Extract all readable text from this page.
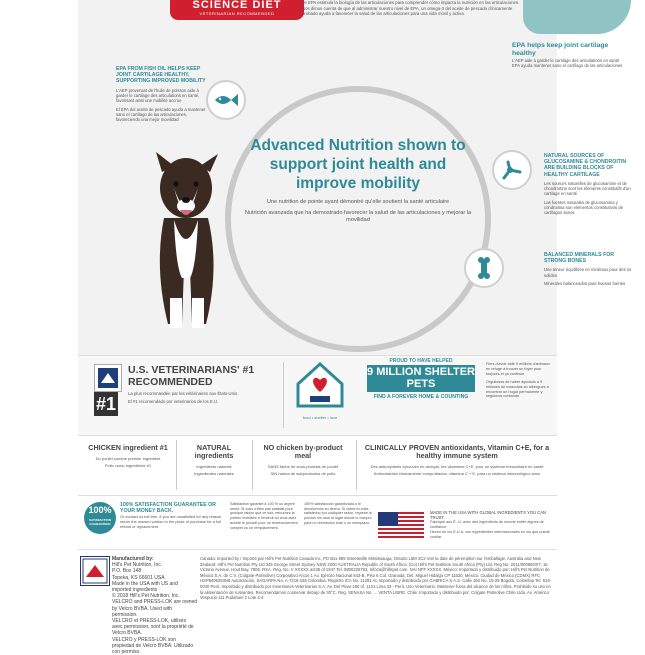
SCIENCE DIET
VETERINARIAN RECOMMENDED
de EPA estimula la biología de las articulaciones para comprender cómo impacta la nutrición en las articulaciones. Nos dimos cuenta de que al administrar nuestro nivel de EPA, un omega-3 del aceite de pescado clínicamente probado ayuda a favorecer la salud de las articulaciones para una vida móvil y activa.
EPA helps keep joint cartilage healthy
L'AEP aide à garder le cartilage des articulations en santé
EPA ayuda mantener sano el cartílago de las articulaciones
EPA FROM FISH OIL HELPS KEEP JOINT CARTILAGE HEALTHY, SUPPORTING IMPROVED MOBILITY
L'AEP provenant de l'huile de poisson aide à garder le cartilage des articulations en santé, favorisant ainsi une mobilité accrue
El EPA del aceite de pescado ayuda a mantener sano el cartílago de las articulaciones, favoreciendo una mejor movilidad
Advanced Nutrition shown to support joint health and improve mobility
Une nutrition de pointe ayant démontré qu'elle soutient la santé articulaire
Nutrición avanzada que ha demostrado favorecer la salud de las articulaciones y mejorar la movilidad
NATURAL SOURCES OF GLUCOSAMINE & CHONDROITIN ARE BUILDING BLOCKS OF HEALTHY CARTILAGE
Les sources naturelles de glucosamine et de chondroïtine sont les éléments constitutifs d'un cartilage en santé
Las fuentes naturales de glucosamina y condroitina son elementos constitutivos de cartílagos sanos
BALANCED MINERALS FOR STRONG BONES
Une teneur équilibrée en minéraux pour des os solides
Minerales balanceados para huesos fuertes
#1
U.S. VETERINARIANS' #1 RECOMMENDED
La plus recommandée par les vétérinaires aux États-Unis
El #1 recomendado por veterinarios de los E.U.
food • shelter • love
PROUD TO HAVE HELPED
9 MILLION SHELTER PETS
FIND A FOREVER HOME & COUNTING
Fiers d'avoir aidé 9 millions d'animaux en refuge à trouver un foyer pour toujours et ça continue
Orgullosos de haber ayudado a 9 millones de mascotas en albergues a encontrar un hogar permanente y seguimos contando
CHICKEN ingredient #1
Du poulet comme premier ingrédient
Pollo como ingrediente #1
NATURAL ingredients
Ingrédients naturels
Ingredientes naturales
NO chicken by-product meal
SANS farine de sous-produits de poulet
SIN harina de subproductos de pollo
CLINICALLY PROVEN antioxidants, Vitamin C+E, for a healthy immune system
Des antioxydants éprouvés en clinique, les vitamines C+E, pour un système immunitaire en santé
Antioxidantes clínicamente comprobados, vitamina C + E, para un sistema inmunológico sano
100%
SATISFACTION GUARANTEED
100% SATISFACTION GUARANTEE OR YOUR MONEY BACK.
Or contact us toll-free. If you are unsatisfied for any reason return the unused portion to the place of purchase for a full refund or replacement.
Satisfaction garantie à 100 % ou argent remis. Si vous n'êtes pas satisfait pour quelque raison que ce soit, retournez la portion inutilisée à l'endroit où vous avez acheté le produit pour un remboursement complet ou un remplacement.
100% satisfacción garantizada o le devolvemos su dinero. Si usted no está satisfecho por cualquier razón, regrese la porción sin usar al lugar donde lo compró para un reembolso total o un reemplazo.
MADE IN THE USA WITH GLOBAL INGREDIENTS YOU CAN TRUST
Fabriqué aux É.-U. avec des ingrédients de monde entier dignes de confiance
Hecho en los E.U.A. con ingredientes internacionales en los que puede confiar
Manufactured by:
Hill's Pet Nutrition, Inc.
P.O. Box 148
Topeka, KS 66601 USA
Made in the USA with US and imported ingredients
© 2018 Hill's Pet Nutrition, Inc.
VELCRO and PRESS-LOK are owned by Velcro BVBA. Used with permission.
VELCRO et PRESS-LOK, utilisés avec permission, sont la propriété de Velcro BVBA.
VELCRO y PRESS-LOK son propiedad de Velcro BVBA. Utilizado con permiso.
Canada: Imported by / Importé par Hill's Pet Nutrition Canada Inc, PO Box 699 Streetsville Mississauga, Ontario L5M 2C2 Voir la date de péremption sur l'emballage. Australia and New Zealand: Hill's Pet Nutrition Pty Ltd 345 George Street Sydney NSW 2000 AUSTRALIA Republic of South Africa: (Co) Hill's Pet Nutrition South Africa (Pty) Ltd, Reg No. 2011/000960/07, 16 Victoria Avenue, Hout Bay, 7806, RSA. Reg. No. V XXXXX act36 of 1947 Tel. 0800228783, Infoza@hillspet.com. NAI NFF XXXXX. México: Importado y distribuido por: Hill's Pet Nutrition de México S.A. de C.V. (Colgate-Palmolive) Corporativo Arcos 1 Av. Ejército Nacional 843-B, Piso 6 Col. Granada, Del. Miguel Hidalgo CP 11520, México. Ciudad de México (CDMX) RFC HSP9406283N8 Autorización, SAGARPA No. A-7216-166 Colombia: Registro ICA No. 11281 AL Importado y distribuido por GABRICA S.A.S. Calle 160 No. 15-29 Bogotá, Colombia Tel. 519-0040 Perú: Importado y distribuido por Inversiones Veterinarias S.A. Av. Del Pinar 180 of. 1101 Lima 33 - Perú. Uso Veterinario. Mantener fuera del alcance de los niños. Prohibido su uso en la alimentación de rumiantes. Recomendamos conservar debajo de 30°C. Reg. SENASA No. ... VENTA LIBRE. Chile: Importado y distribuido por: Colgate Palmolive Chile Ltda. Av. Américo Vespucio 111 Pudahuel 2 Lote 4-4
